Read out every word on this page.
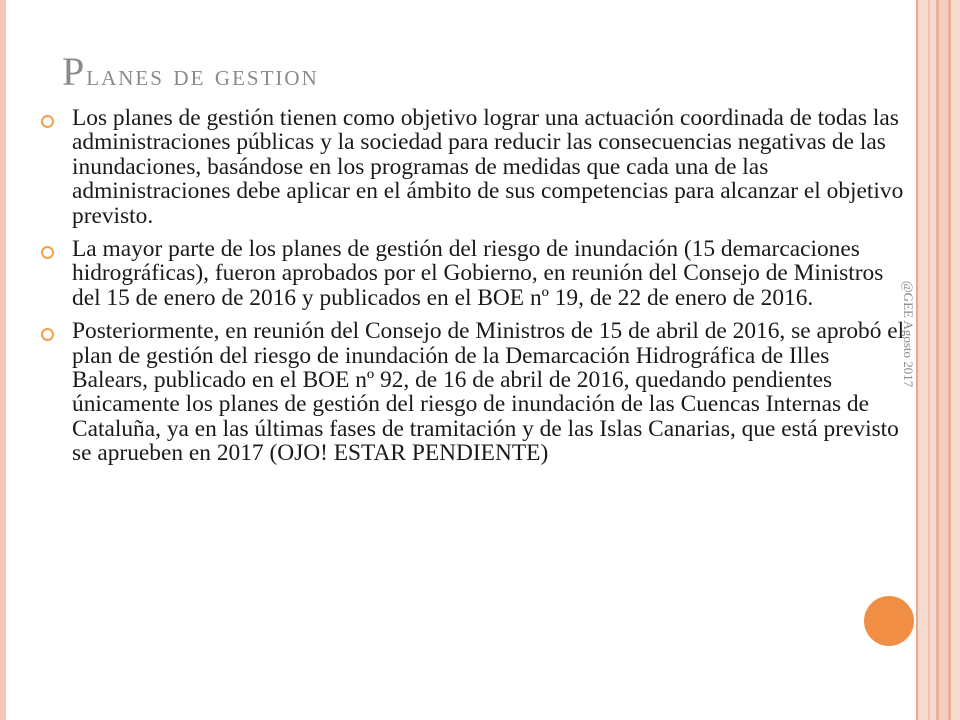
Planes de gestion
Los planes de gestión tienen como objetivo lograr una actuación coordinada de todas las administraciones públicas y la sociedad para reducir las consecuencias negativas de las inundaciones, basándose en los programas de medidas que cada una de las administraciones debe aplicar en el ámbito de sus competencias para alcanzar el objetivo previsto.
La mayor parte de los planes de gestión del riesgo de inundación (15 demarcaciones hidrográficas), fueron aprobados por el Gobierno, en reunión del Consejo de Ministros del 15 de enero de 2016 y publicados en el BOE nº 19, de 22 de enero de 2016.
Posteriormente, en reunión del Consejo de Ministros de 15 de abril de 2016, se aprobó el plan de gestión del riesgo de inundación de la Demarcación Hidrográfica de Illes Balears, publicado en el BOE nº 92, de 16 de abril de 2016, quedando pendientes únicamente los planes de gestión del riesgo de inundación de las Cuencas Internas de Cataluña, ya en las últimas fases de tramitación y de las Islas Canarias, que está previsto se aprueben en 2017 (OJO! ESTAR PENDIENTE)
@GEE Agosto 2017
